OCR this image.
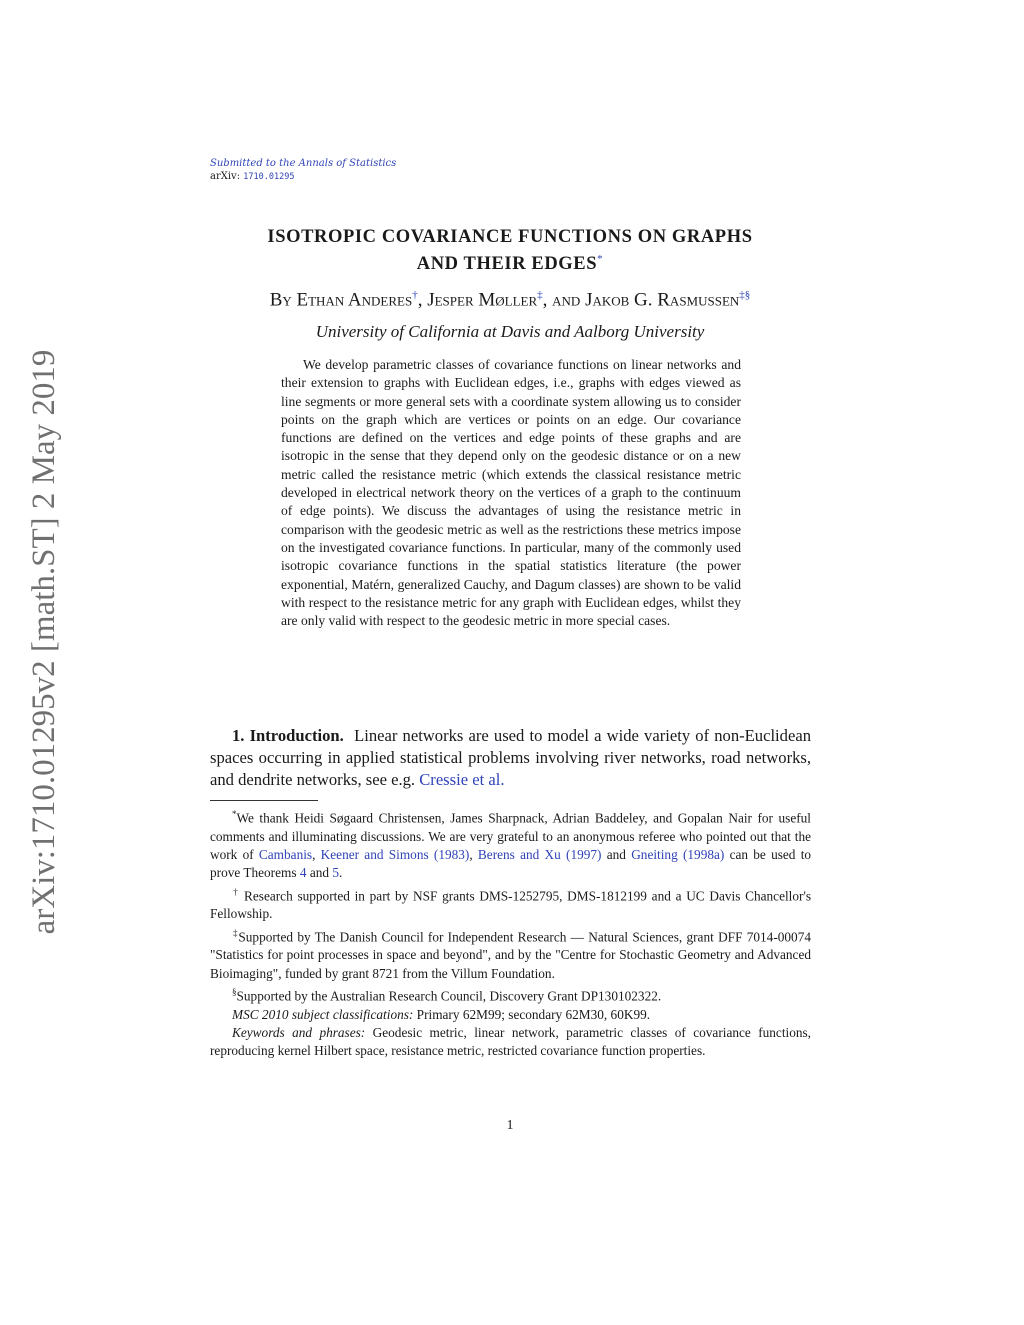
arXiv:1710.01295v2 [math.ST] 2 May 2019
Submitted to the Annals of Statistics
arXiv: 1710.01295
ISOTROPIC COVARIANCE FUNCTIONS ON GRAPHS
AND THEIR EDGES*
By Ethan Anderes†, Jesper Møller‡, and Jakob G. Rasmussen‡§
University of California at Davis and Aalborg University
We develop parametric classes of covariance functions on linear networks and their extension to graphs with Euclidean edges, i.e., graphs with edges viewed as line segments or more general sets with a coordinate system allowing us to consider points on the graph which are vertices or points on an edge. Our covariance functions are defined on the vertices and edge points of these graphs and are isotropic in the sense that they depend only on the geodesic distance or on a new metric called the resistance metric (which extends the classical resistance metric developed in electrical network theory on the vertices of a graph to the continuum of edge points). We discuss the advantages of using the resistance metric in comparison with the geodesic metric as well as the restrictions these metrics impose on the investigated covariance functions. In particular, many of the commonly used isotropic covariance functions in the spatial statistics literature (the power exponential, Matérn, generalized Cauchy, and Dagum classes) are shown to be valid with respect to the resistance metric for any graph with Euclidean edges, whilst they are only valid with respect to the geodesic metric in more special cases.
1. Introduction. Linear networks are used to model a wide variety of non-Euclidean spaces occurring in applied statistical problems involving river networks, road networks, and dendrite networks, see e.g. Cressie et al.

*We thank Heidi Søgaard Christensen, James Sharpnack, Adrian Baddeley, and Gopalan Nair for useful comments and illuminating discussions. We are very grateful to an anonymous referee who pointed out that the work of Cambanis, Keener and Simons (1983), Berens and Xu (1997) and Gneiting (1998a) can be used to prove Theorems 4 and 5.

† Research supported in part by NSF grants DMS-1252795, DMS-1812199 and a UC Davis Chancellor's Fellowship.

‡Supported by The Danish Council for Independent Research — Natural Sciences, grant DFF 7014-00074 "Statistics for point processes in space and beyond", and by the "Centre for Stochastic Geometry and Advanced Bioimaging", funded by grant 8721 from the Villum Foundation.

§Supported by the Australian Research Council, Discovery Grant DP130102322.

MSC 2010 subject classifications: Primary 62M99; secondary 62M30, 60K99.

Keywords and phrases: Geodesic metric, linear network, parametric classes of covariance functions, reproducing kernel Hilbert space, resistance metric, restricted covariance function properties.

1
